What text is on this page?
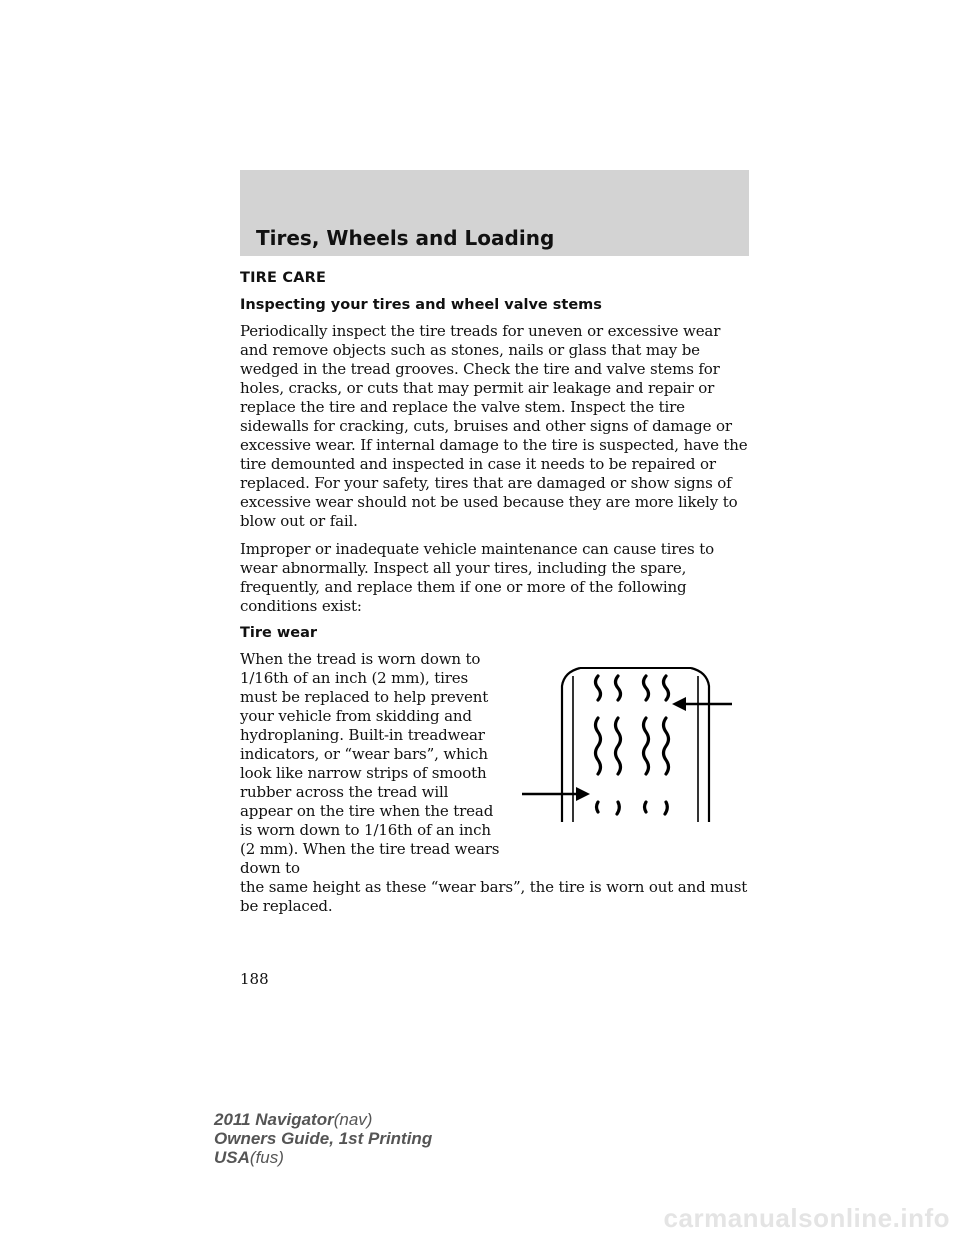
Tires, Wheels and Loading
TIRE CARE
Inspecting your tires and wheel valve stems

Periodically inspect the tire treads for uneven or excessive wear and remove objects such as stones, nails or glass that may be wedged in the tread grooves. Check the tire and valve stems for holes, cracks, or cuts that may permit air leakage and repair or replace the tire and replace the valve stem. Inspect the tire sidewalls for cracking, cuts, bruises and other signs of damage or excessive wear. If internal damage to the tire is suspected, have the tire demounted and inspected in case it needs to be repaired or replaced. For your safety, tires that are damaged or show signs of excessive wear should not be used because they are more likely to blow out or fail.

Improper or inadequate vehicle maintenance can cause tires to wear abnormally. Inspect all your tires, including the spare, frequently, and replace them if one or more of the following conditions exist:

Tire wear

When the tread is worn down to 1/16th of an inch (2 mm), tires must be replaced to help prevent your vehicle from skidding and hydroplaning. Built-in treadwear indicators, or “wear bars”, which look like narrow strips of smooth rubber across the tread will appear on the tire when the tread is worn down to 1/16th of an inch (2 mm). When the tire tread wears down to

the same height as these “wear bars”, the tire is worn out and must be replaced.

188
2011 Navigator(nav)
Owners Guide, 1st Printing
USA(fus)
carmanualsonline.info
